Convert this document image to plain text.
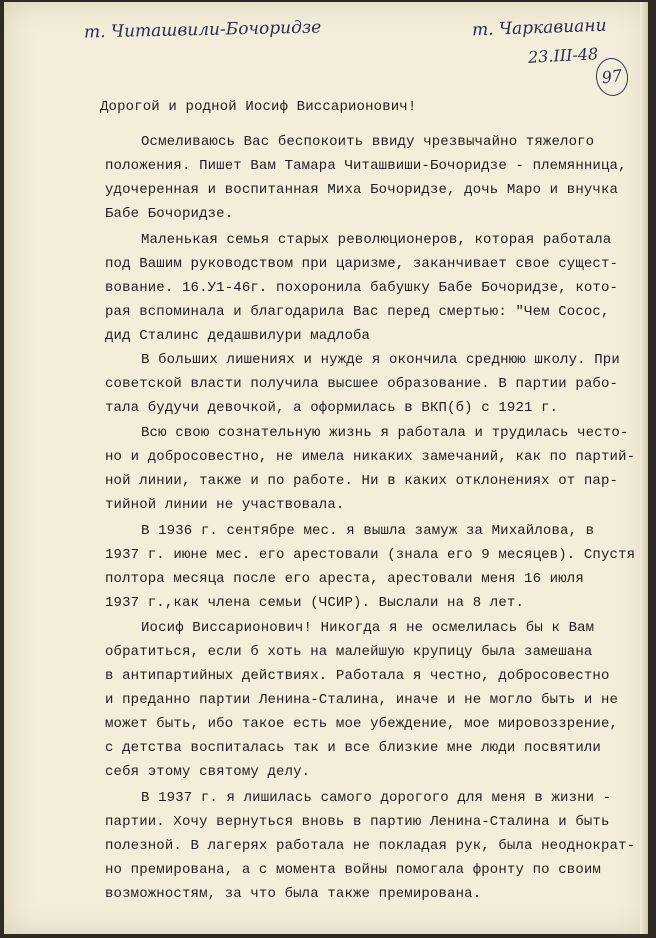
т. Читашвили-Бочоридзе	т. Чаркавиани
23.III-48
97
Дорогой и родной Иосиф Виссарионович!
Осмеливаюсь Вас беспокоить ввиду чрезвычайно тяжелого
положения. Пишет Вам Тамара Читашвиши-Бочоридзе - племянница,
удочеренная и воспитанная Миха Бочоридзе, дочь Маро и внучка
Бабе Бочоридзе.
Маленькая семья старых революционеров, которая работала
под Вашим руководством при царизме, заканчивает свое сущест-
вование. 16.У1-46г. похоронила бабушку Бабе Бочоридзе, кото-
рая вспоминала и благодарила Вас перед смертью: "Чем Сосос,
дид Сталинс дедашвилури мадлоба
В больших лишениях и нужде я окончила среднюю школу. При
советской власти получила высшее образование. В партии рабо-
тала будучи девочкой, а оформилась в ВКП(б) с 1921 г.
Всю свою сознательную жизнь я работала и трудилась често-
но и добросовестно, не имела никаких замечаний, как по партий-
ной линии, также и по работе. Ни в каких отклонениях от пар-
тийной линии не участвовала.
В 1936 г. сентябре мес. я вышла замуж за Михайлова, в
1937 г. июне мес. его арестовали (знала его 9 месяцев). Спустя
полтора месяца после его ареста, арестовали меня 16 июля
1937 г.,как члена семьи (ЧСИР). Выслали на 8 лет.
Иосиф Виссарионович! Никогда я не осмелилась бы к Вам
обратиться, если б хоть на малейшую крупицу была замешана
в антипартийных действиях. Работала я честно, добросовестно
и преданно партии Ленина-Сталина, иначе и не могло быть и не
может быть, ибо такое есть мое убеждение, мое мировоззрение,
с детства воспиталась так и все близкие мне люди посвятили
себя этому святому делу.
В 1937 г. я лишилась самого дорогого для меня в жизни -
партии. Хочу вернуться вновь в партию Ленина-Сталина и быть
полезной. В лагерях работала не покладая рук, была неоднократ-
но премирована, а с момента войны помогала фронту по своим
возможностям, за что была также премирована.
